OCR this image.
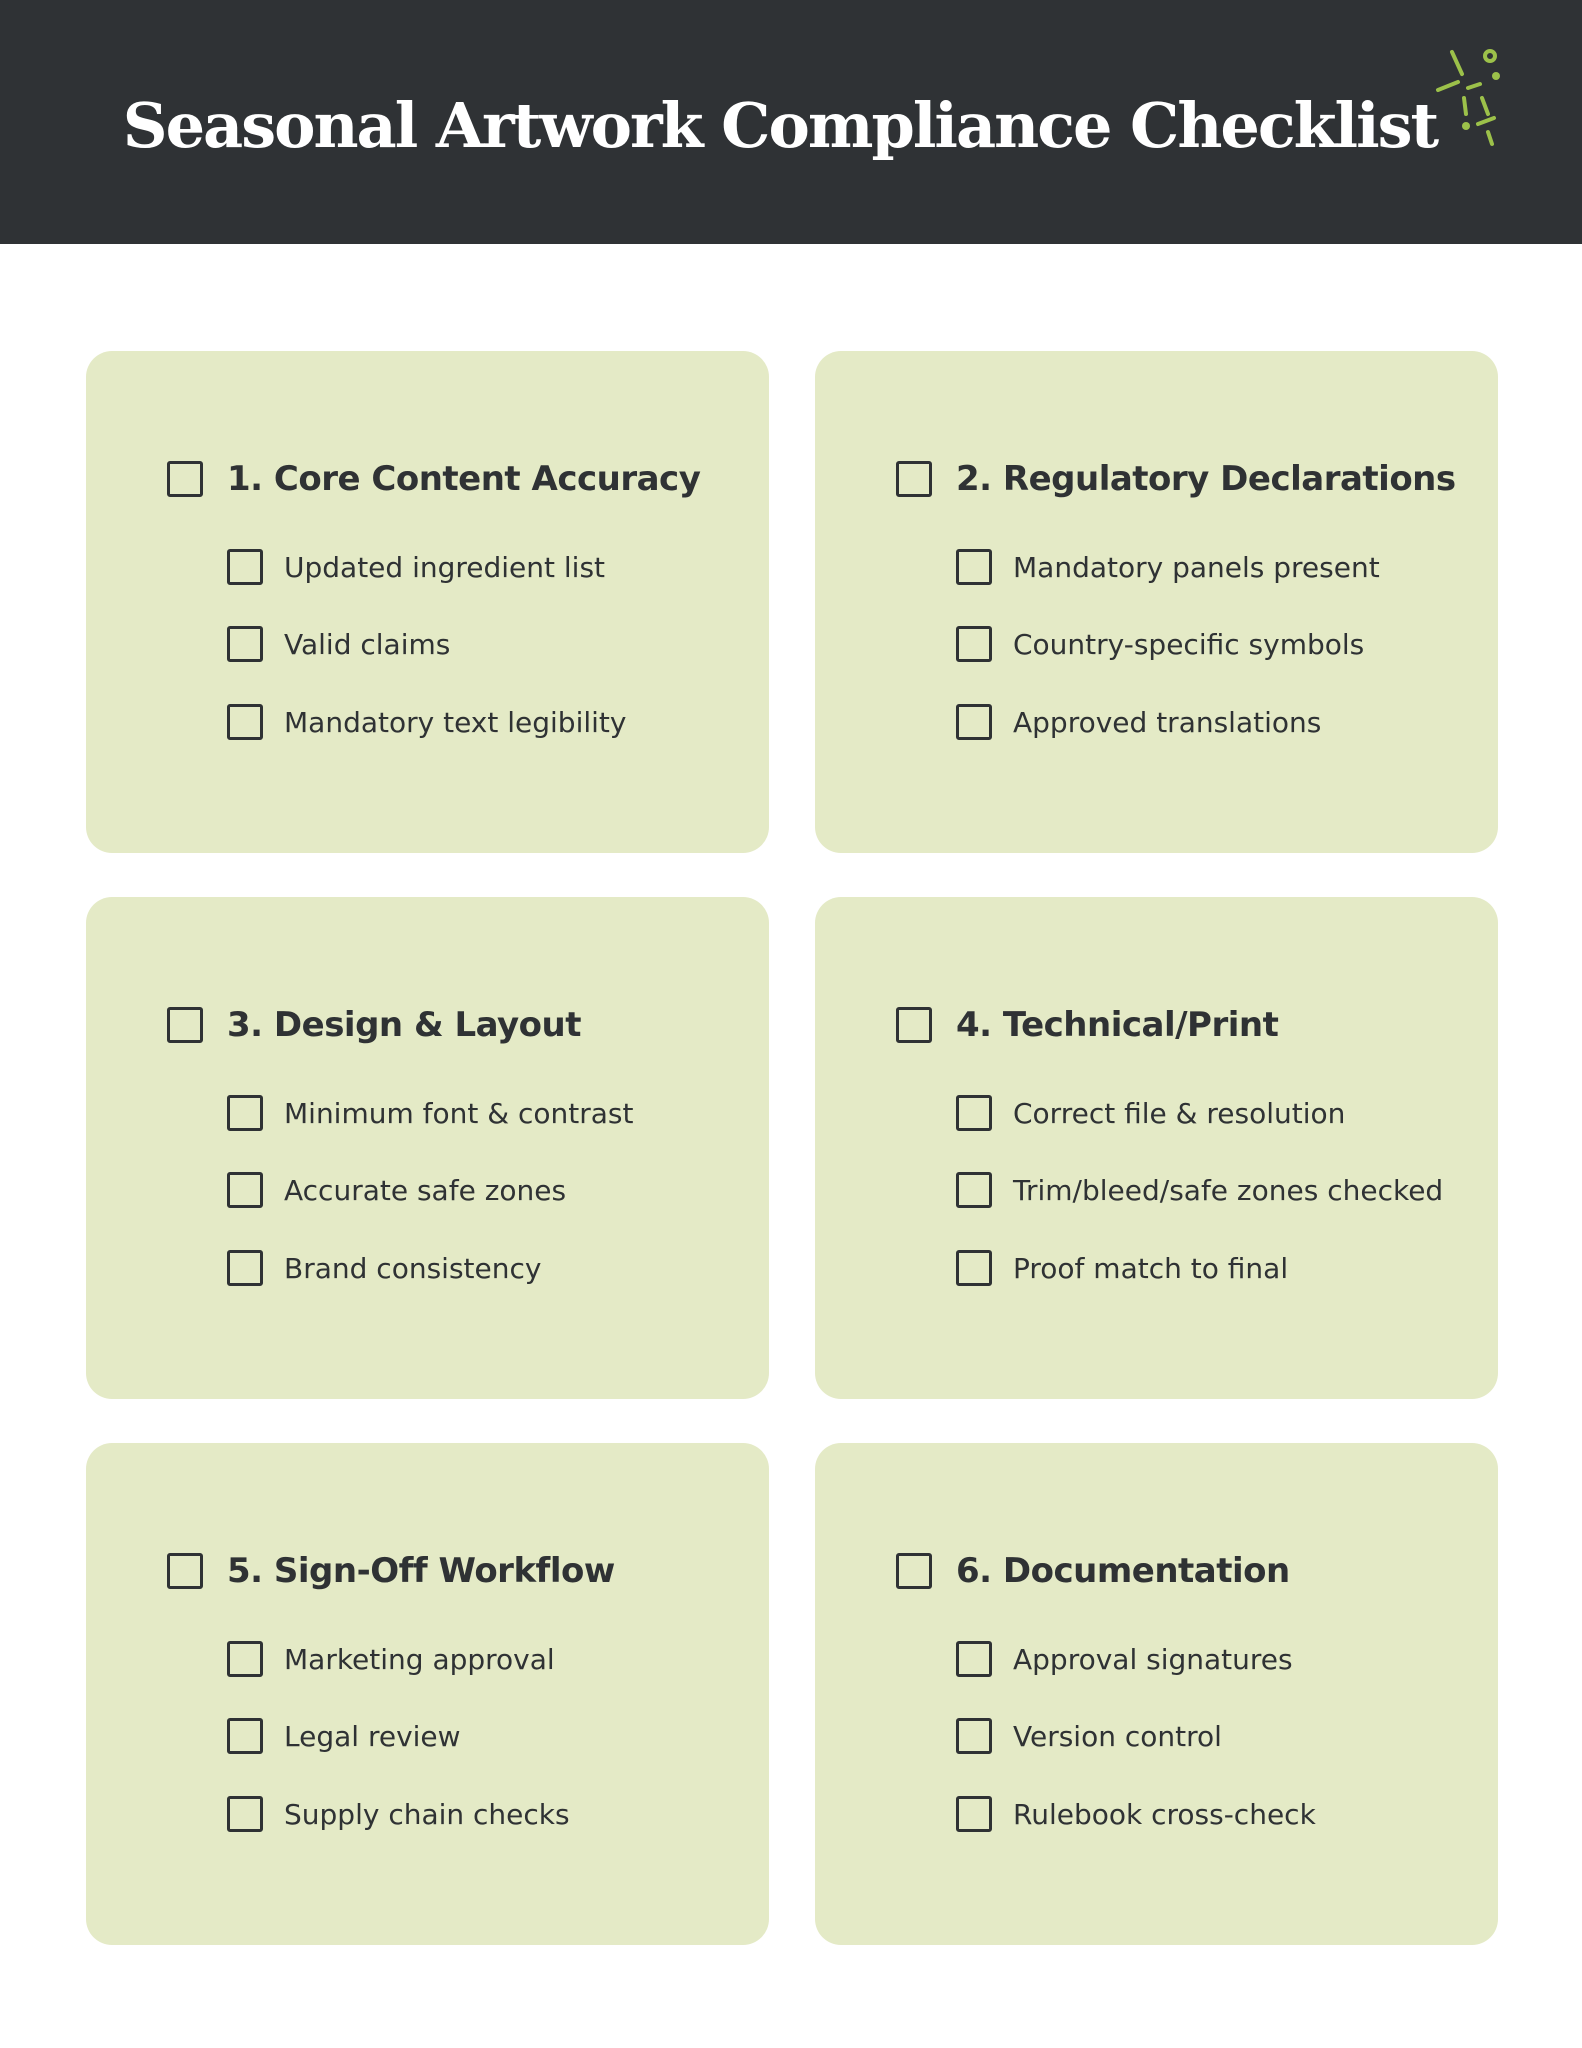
Seasonal Artwork Compliance Checklist
1. Core Content Accuracy
Updated ingredient list
Valid claims
Mandatory text legibility
2. Regulatory Declarations
Mandatory panels present
Country-specific symbols
Approved translations
3. Design & Layout
Minimum font & contrast
Accurate safe zones
Brand consistency
4. Technical/Print
Correct file & resolution
Trim/bleed/safe zones checked
Proof match to final
5. Sign-Off Workflow
Marketing approval
Legal review
Supply chain checks
6. Documentation
Approval signatures
Version control
Rulebook cross-check
